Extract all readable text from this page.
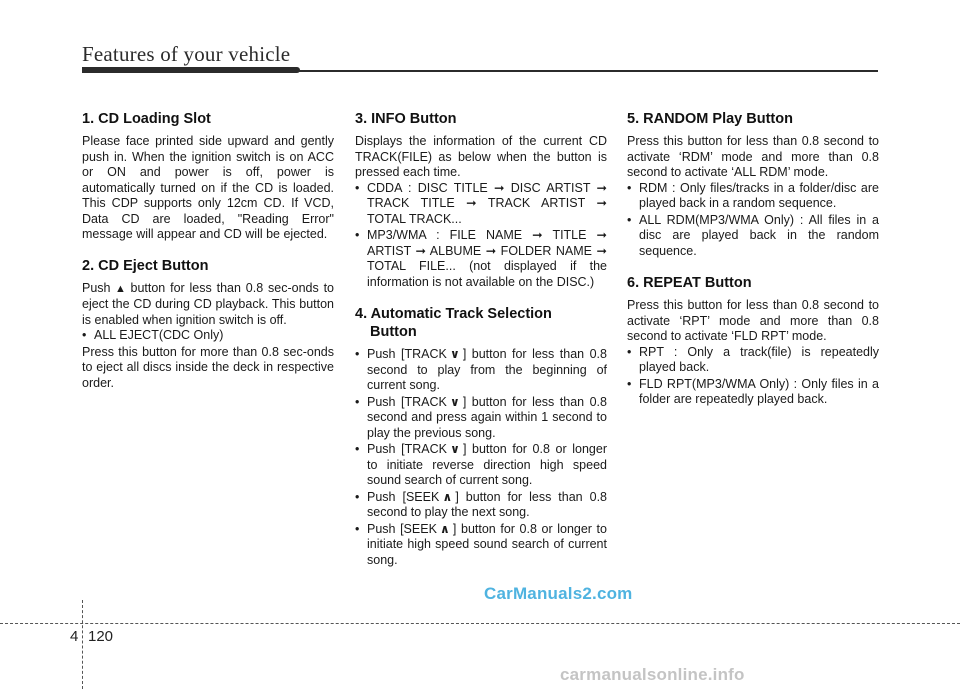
Features of your vehicle
1. CD Loading Slot

Please face printed side upward and gently push in. When the ignition switch is on ACC or ON and power is off, power is automatically turned on if the CD is loaded. This CDP supports only 12cm CD. If VCD, Data CD are loaded, "Reading Error" message will appear and CD will be ejected.

2. CD Eject Button

Push ▲ button for less than 0.8 sec-onds to eject the CD during CD playback. This button is enabled when ignition switch is off.

• ALL EJECT(CDC Only)

Press this button for more than 0.8 sec-onds to eject all discs inside the deck in respective order.

3. INFO Button

Displays the information of the current CD TRACK(FILE) as below when the button is pressed each time.

• CDDA : DISC TITLE ➞ DISC ARTIST ➞ TRACK TITLE ➞ TRACK ARTIST ➞ TOTAL TRACK...
• MP3/WMA : FILE NAME ➞ TITLE ➞ ARTIST ➞ ALBUME ➞ FOLDER NAME ➞ TOTAL FILE... (not displayed if the information is not available on the DISC.)
4. Automatic Track Selection
Button
• Push [TRACK ∨ ] button for less than 0.8 second to play from the beginning of current song.
• Push [TRACK ∨ ] button for less than 0.8 second and press again within 1 second to play the previous song.
• Push [TRACK ∨ ] button for 0.8 or longer to initiate reverse direction high speed sound search of current song.
• Push [SEEK ∧ ] button for less than 0.8 second to play the next song.
• Push [SEEK ∧ ] button for 0.8 or longer to initiate high speed sound search of current song.
5. RANDOM Play Button

Press this button for less than 0.8 second to activate ‘RDM’ mode and more than 0.8 second to activate ‘ALL RDM’ mode.

• RDM : Only files/tracks in a folder/disc are played back in a random sequence.
• ALL RDM(MP3/WMA Only) : All files in a disc are played back in the random sequence.
6. REPEAT Button

Press this button for less than 0.8 second to activate ‘RPT’ mode and more than 0.8 second to activate ‘FLD RPT’ mode.

• RPT : Only a track(file) is repeatedly played back.
• FLD RPT(MP3/WMA Only) : Only files in a folder are repeatedly played back.
CarManuals2.com
4 120
carmanualsonline.info
